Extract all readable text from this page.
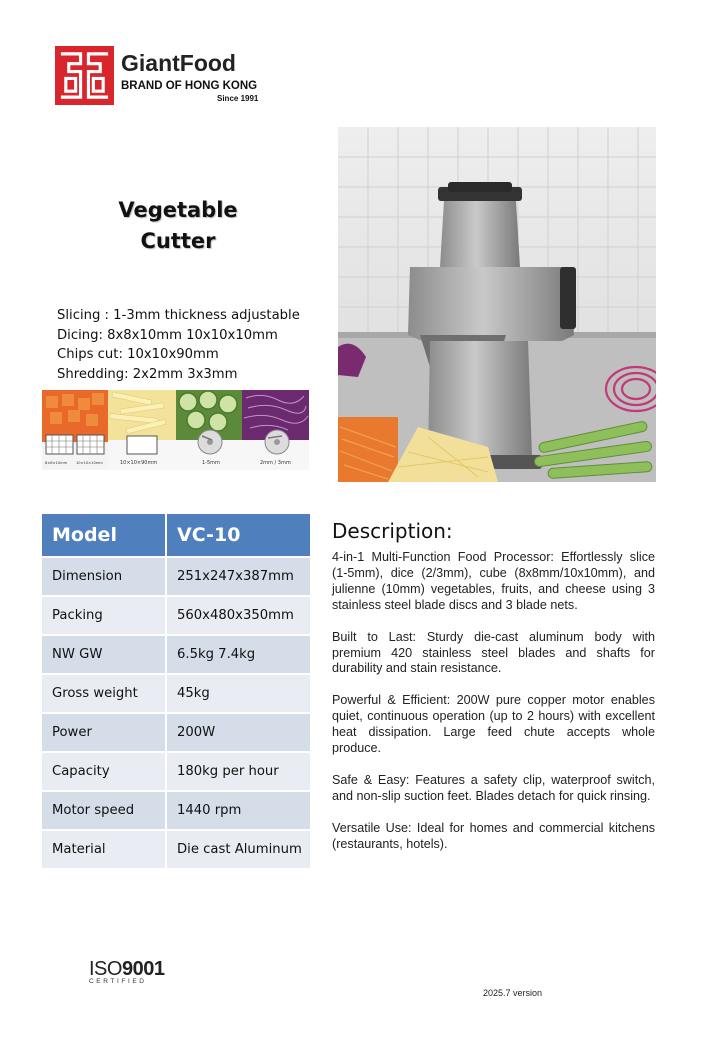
GiantFood
BRAND OF HONG KONG
Since 1991
Vegetable
Cutter
Slicing : 1-3mm thickness adjustable
Dicing: 8x8x10mm 10x10x10mm
Chips cut: 10x10x90mm
Shredding: 2x2mm 3x3mm
8×8×10mm 10×10×10mm	10×10×90mm	1-5mm	2mm / 3mm
Model	VC-10
Dimension	251x247x387mm
Packing	560x480x350mm
NW GW	6.5kg 7.4kg
Gross weight	45kg
Power	200W
Capacity	180kg per hour
Motor speed	1440 rpm
Material	Die cast Aluminum
Description:

4-in-1 Multi-Function Food Processor: Effortlessly slice (1-5mm), dice (2/3mm), cube (8x8mm/10x10mm), and julienne (10mm) vegetables, fruits, and cheese using 3 stainless steel blade discs and 3 blade nets.

Built to Last: Sturdy die-cast aluminum body with premium 420 stainless steel blades and shafts for durability and stain resistance.

Powerful & Efficient: 200W pure copper motor enables quiet, continuous operation (up to 2 hours) with excellent heat dissipation. Large feed chute accepts whole produce.

Safe & Easy: Features a safety clip, waterproof switch, and non-slip suction feet. Blades detach for quick rinsing.

Versatile Use: Ideal for homes and commercial kitchens (restaurants, hotels).

ISO9001
CERTIFIED
2025.7 version
